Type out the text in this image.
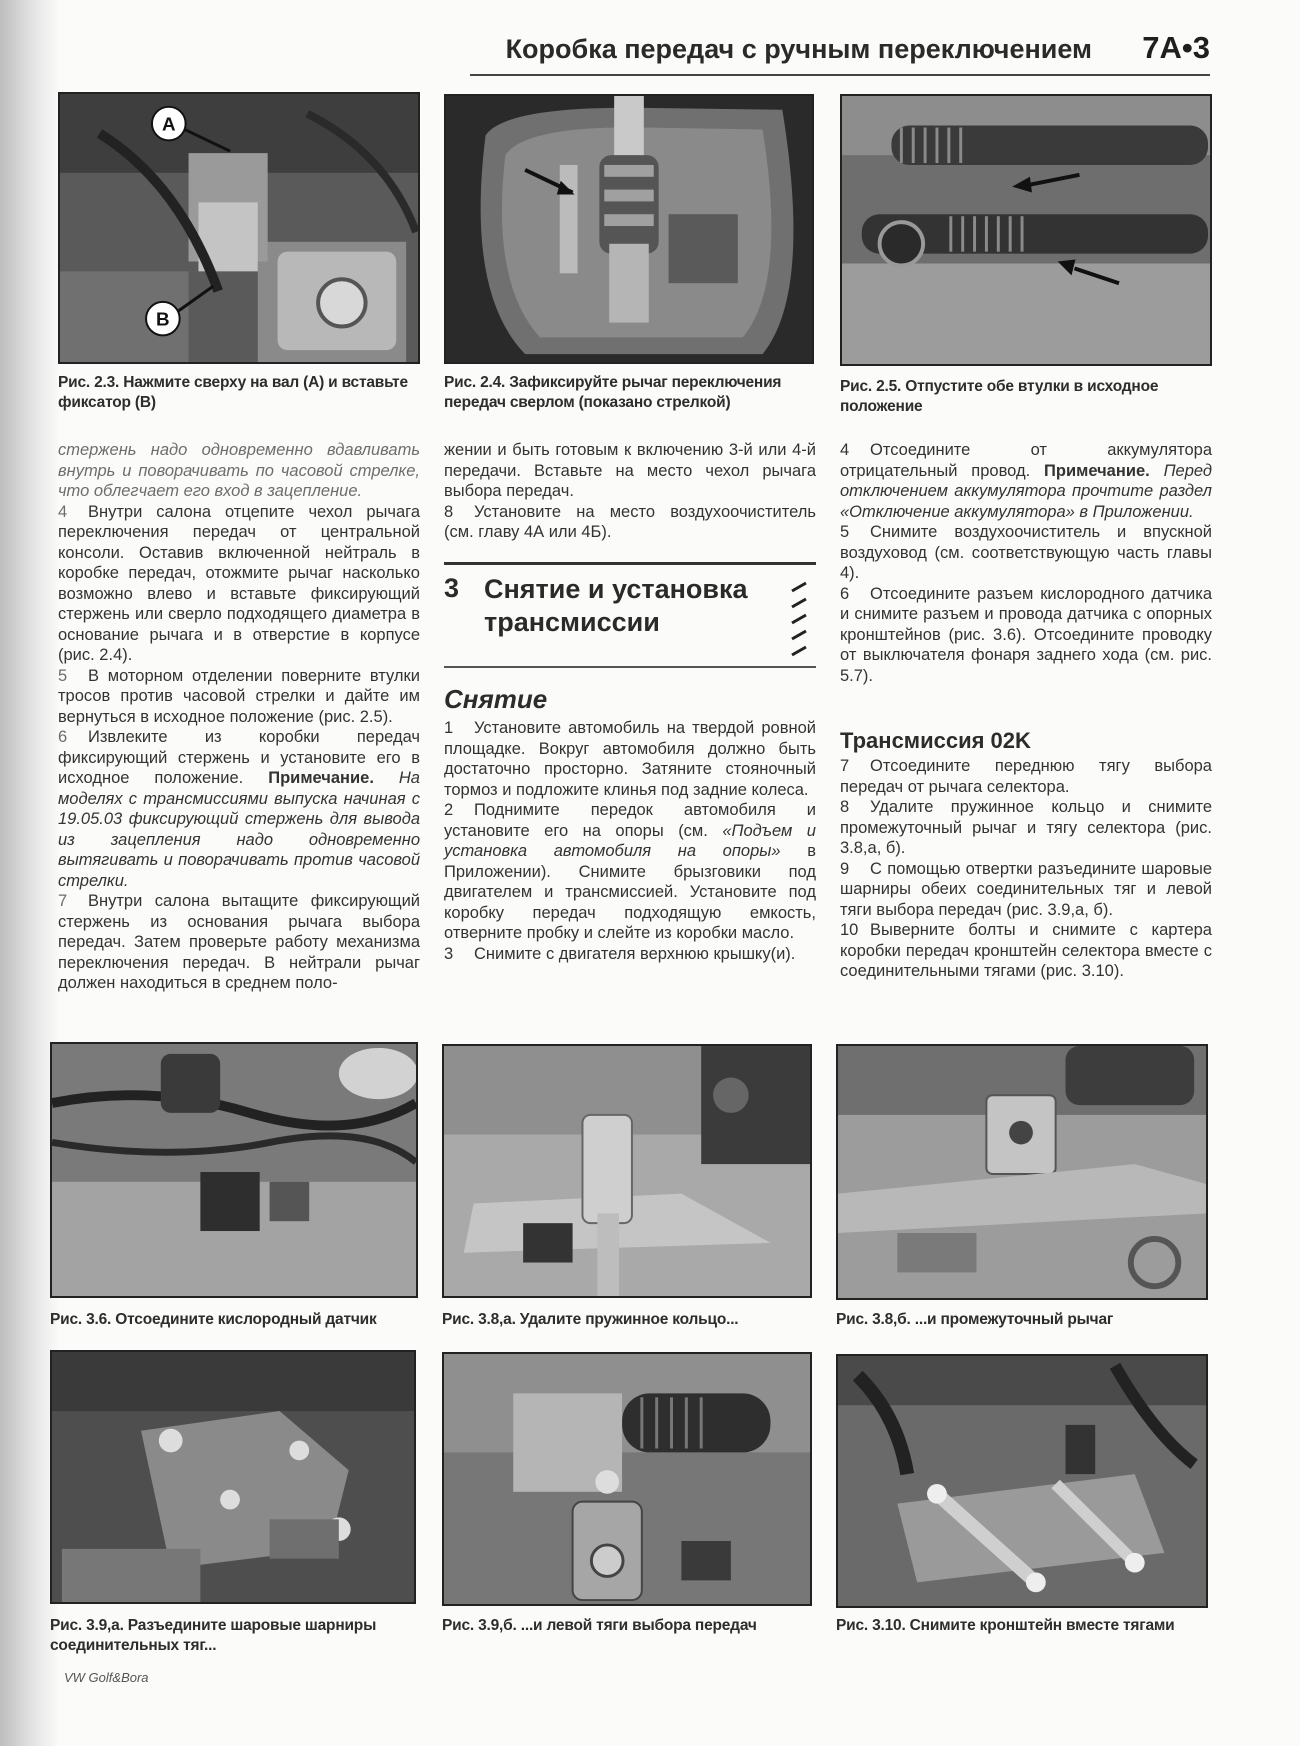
Коробка передач с ручным переключением 7A•3
A
B
Рис. 2.3. Нажмите сверху на вал (A) и вставьте фиксатор (B)
Рис. 2.4. Зафиксируйте рычаг переключения передач сверлом (показано стрелкой)
Рис. 2.5. Отпустите обе втулки в исходное положение

стержень надо одновременно вдавливать внутрь и поворачивать по часовой стрелке, что облегчает его вход в зацепление.

4 Внутри салона отцепите чехол рычага переключения передач от центральной консоли. Оставив включенной нейтраль в коробке передач, отожмите рычаг насколько возможно влево и вставьте фиксирующий стержень или сверло подходящего диаметра в основание рычага и в отверстие в корпусе (рис. 2.4).

5 В моторном отделении поверните втулки тросов против часовой стрелки и дайте им вернуться в исходное положение (рис. 2.5).

6 Извлеките из коробки передач фиксирующий стержень и установите его в исходное положение. Примечание. На моделях с трансмиссиями выпуска начиная с 19.05.03 фиксирующий стержень для вывода из зацепления надо одновременно вытягивать и поворачивать против часовой стрелки.

7 Внутри салона вытащите фиксирующий стержень из основания рычага выбора передач. Затем проверьте работу механизма переключения передач. В нейтрали рычаг должен находиться в среднем поло-

жении и быть готовым к включению 3-й или 4-й передачи. Вставьте на место чехол рычага выбора передач.

8 Установите на место воздухоочиститель (см. главу 4А или 4Б).

3 Снятие и установка трансмиссии
Снятие

1 Установите автомобиль на твердой ровной площадке. Вокруг автомобиля должно быть достаточно просторно. Затяните стояночный тормоз и подложите клинья под задние колеса.

2 Поднимите передок автомобиля и установите его на опоры (см. «Подъем и установка автомобиля на опоры» в Приложении). Снимите брызговики под двигателем и трансмиссией. Установите под коробку передач подходящую емкость, отверните пробку и слейте из коробки масло.

3 Снимите с двигателя верхнюю крышку(и).

4 Отсоедините от аккумулятора отрицательный провод. Примечание. Перед отключением аккумулятора прочтите раздел «Отключение аккумулятора» в Приложении.

5 Снимите воздухоочиститель и впускной воздуховод (см. соответствующую часть главы 4).

6 Отсоедините разъем кислородного датчика и снимите разъем и провода датчика с опорных кронштейнов (рис. 3.6). Отсоедините проводку от выключателя фонаря заднего хода (см. рис. 5.7).

Трансмиссия 02K

7 Отсоедините переднюю тягу выбора передач от рычага селектора.

8 Удалите пружинное кольцо и снимите промежуточный рычаг и тягу селектора (рис. 3.8,а, б).

9 С помощью отвертки разъедините шаровые шарниры обеих соединительных тяг и левой тяги выбора передач (рис. 3.9,а, б).

10 Выверните болты и снимите с картера коробки передач кронштейн селектора вместе с соединительными тягами (рис. 3.10).

Рис. 3.6. Отсоедините кислородный датчик	Рис. 3.8,а. Удалите пружинное кольцо...	Рис. 3.8,б. ...и промежуточный рычаг
Рис. 3.9,а. Разъедините шаровые шарниры соединительных тяг...
Рис. 3.9,б. ...и левой тяги выбора передач	Рис. 3.10. Снимите кронштейн вместе тягами
VW Golf&Bora
